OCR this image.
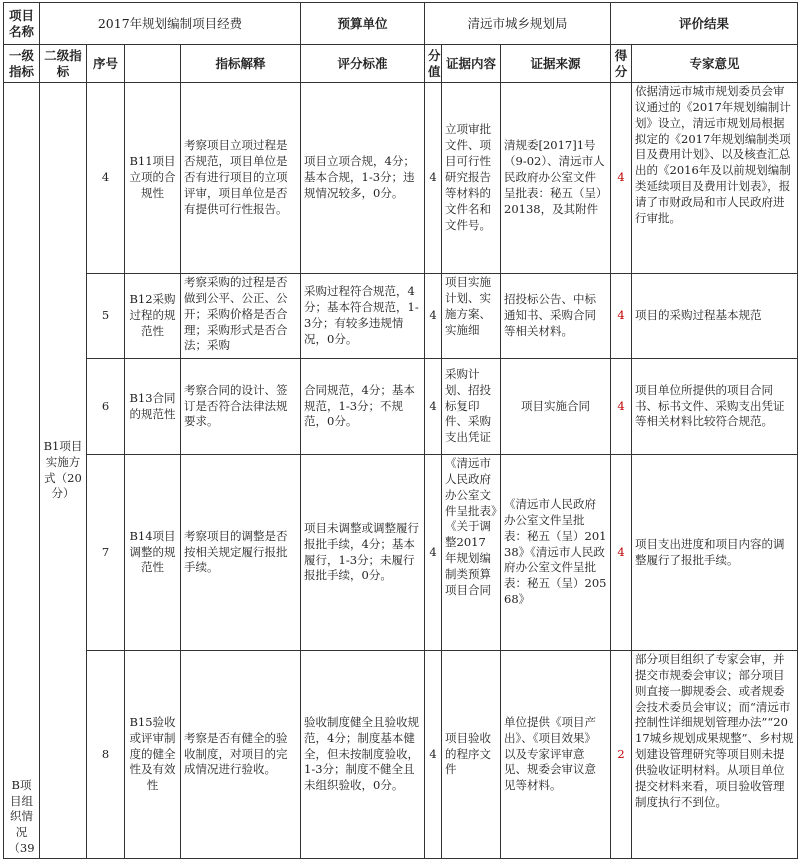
项目名称	2017年规划编制项目经费				预算单位	清远市城乡规划局			评价结果	
一级指标	二级指标	序号		指标解释	评分标准	分值	证据内容	证据来源	得分	专家意见
B项目组织情况（39	B1项目实施方式（20分）	4	B11项目立项的合规性	考察项目立项过程是否规范，项目单位是否有进行项目的立项评审，项目单位是否有提供可行性报告。	项目立项合规，4分；基本合规，1-3分；违规情况较多，0分。	4	立项审批文件、项目可行性研究报告等材料的文件名和文件号。	清规委[2017]1号（9-02）、清远市人民政府办公室文件呈批表：秘五（呈）20138，及其附件	4	依据清远市城市规划委员会审议通过的《2017年规划编制计划》设立，清远市规划局根据拟定的《2017年规划编制类项目及费用计划》、以及核查汇总出的《2016年及以前规划编制类延续项目及费用计划表》，报请了市财政局和市人民政府进行审批。
		5	B12采购过程的规范性	考察采购的过程是否做到公平、公正、公开；采购价格是否合理；采购形式是否合法；采购	采购过程符合规范，4分；基本符合规范，1-3分；有较多违规情况，0分。	4	项目实施计划、实施方案、实施细	招投标公告、中标通知书、采购合同等相关材料。	4	项目的采购过程基本规范
		6	B13合同的规范性	考察合同的设计、签订是否符合法律法规要求。	合同规范，4分；基本规范，1-3分；不规范，0分。	4	采购计划、招投标复印件、采购支出凭证	项目实施合同	4	项目单位所提供的项目合同书、标书文件、采购支出凭证等相关材料比较符合规范。
		7	B14项目调整的规范性	考察项目的调整是否按相关规定履行报批手续。	项目未调整或调整履行报批手续，4分；基本履行，1-3分；未履行报批手续，0分。	4	《清远市人民政府办公室文件呈批表》《关于调整2017年规划编制类预算项目合同	《清远市人民政府办公室文件呈批表：秘五（呈）20138》《清远市人民政府办公室文件呈批表：秘五（呈）20568》	4	项目支出进度和项目内容的调整履行了报批手续。
		8	B15验收或评审制度的健全性及有效性	考察是否有健全的验收制度，对项目的完成情况进行验收。	验收制度健全且验收规范，4分；制度基本健全，但未按制度验收，1-3分；制度不健全且未组织验收，0分。	4	项目验收的程序文件	单位提供《项目产出》、《项目效果》以及专家评审意见、规委会审议意见等材料。	2	部分项目组织了专家会审，并提交市规委会审议；部分项目则直接一脚规委会、或者规委会技术委员会审议；而“清远市控制性详细规划管理办法”“2017城乡规划成果规整”、乡村规划建设管理研究等项目则未提供验收证明材料。从项目单位提交材料来看，项目验收管理制度执行不到位。
